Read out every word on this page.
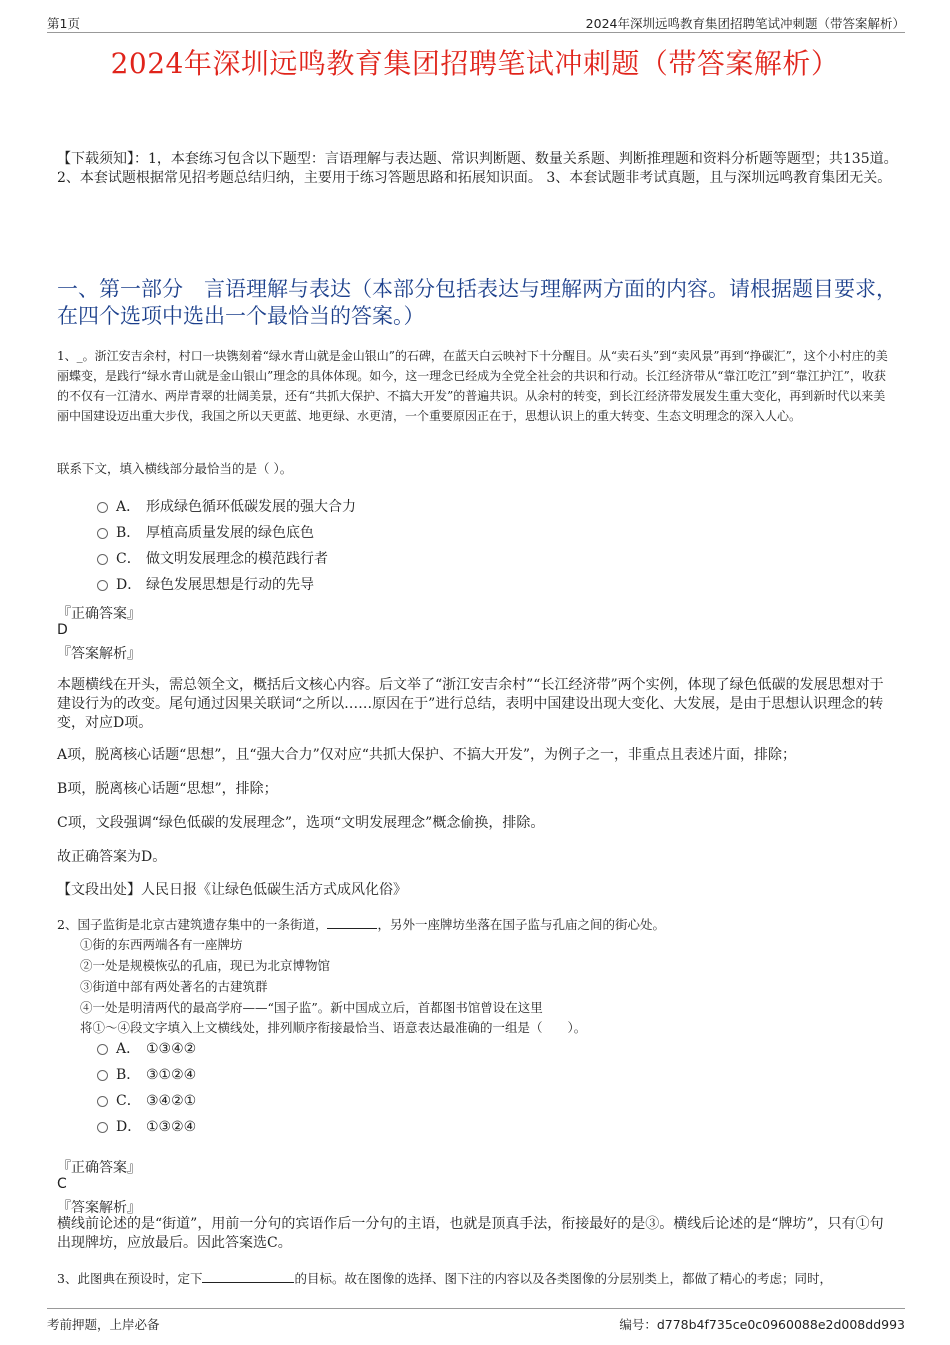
第1页	2024年深圳远鸣教育集团招聘笔试冲刺题（带答案解析）
2024年深圳远鸣教育集团招聘笔试冲刺题（带答案解析）
【下载须知】：1，本套练习包含以下题型：言语理解与表达题、常识判断题、数量关系题、判断推理题和资料分析题等题型；共135道。 2、本套试题根据常见招考题总结归纳，主要用于练习答题思路和拓展知识面。 3、本套试题非考试真题，且与深圳远鸣教育集团无关。
一、第一部分　言语理解与表达（本部分包括表达与理解两方面的内容。请根据题目要求，在四个选项中选出一个最恰当的答案。）
1、_。浙江安吉余村，村口一块镌刻着“绿水青山就是金山银山”的石碑，在蓝天白云映衬下十分醒目。从“卖石头”到“卖风景”再到“挣碳汇”，这个小村庄的美丽蝶变，是践行“绿水青山就是金山银山”理念的具体体现。如今，这一理念已经成为全党全社会的共识和行动。长江经济带从“靠江吃江”到“靠江护江”，收获的不仅有一江清水、两岸青翠的壮阔美景，还有“共抓大保护、不搞大开发”的普遍共识。从余村的转变，到长江经济带发展发生重大变化，再到新时代以来美丽中国建设迈出重大步伐，我国之所以天更蓝、地更绿、水更清，一个重要原因正在于，思想认识上的重大转变、生态文明理念的深入人心。
联系下文，填入横线部分最恰当的是（ ）。
A． 形成绿色循环低碳发展的强大合力
B． 厚植高质量发展的绿色底色
C． 做文明发展理念的模范践行者
D． 绿色发展思想是行动的先导
『正确答案』
D
『答案解析』
本题横线在开头，需总领全文，概括后文核心内容。后文举了“浙江安吉余村”“长江经济带”两个实例，体现了绿色低碳的发展思想对于建设行为的改变。尾句通过因果关联词“之所以……原因在于”进行总结，表明中国建设出现大变化、大发展，是由于思想认识理念的转变，对应D项。
A项，脱离核心话题“思想”，且“强大合力”仅对应“共抓大保护、不搞大开发”，为例子之一，非重点且表述片面，排除；
B项，脱离核心话题“思想”，排除；
C项，文段强调“绿色低碳的发展理念”，选项“文明发展理念”概念偷换，排除。
故正确答案为D。
【文段出处】人民日报《让绿色低碳生活方式成风化俗》
2、国子监街是北京古建筑遗存集中的一条街道，	，另外一座牌坊坐落在国子监与孔庙之间的街心处。
①街的东西两端各有一座牌坊
②一处是规模恢弘的孔庙，现已为北京博物馆
③街道中部有两处著名的古建筑群
④一处是明清两代的最高学府——“国子监”。新中国成立后，首都图书馆曾设在这里
将①～④段文字填入上文横线处，排列顺序衔接最恰当、语意表达最准确的一组是（　　）。
A． ①③④②
B． ③①②④
C． ③④②①
D． ①③②④
『正确答案』
C
『答案解析』
横线前论述的是“街道”，用前一分句的宾语作后一分句的主语，也就是顶真手法，衔接最好的是③。横线后论述的是“牌坊”，只有①句出现牌坊，应放最后。因此答案选C。
3、此图典在预设时，定下	的目标。故在图像的选择、图下注的内容以及各类图像的分层别类上，都做了精心的考虑；同时，
考前押题，上岸必备	编号：d778b4f735ce0c0960088e2d008dd993
